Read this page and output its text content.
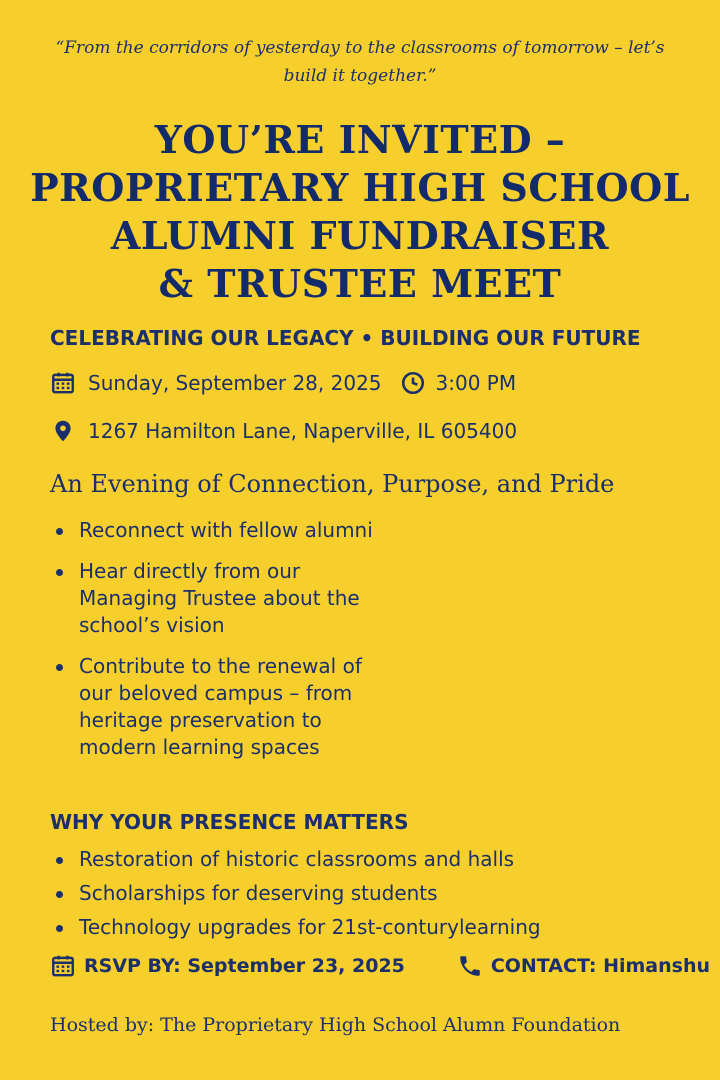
“From the corridors of yesterday to the classrooms of tomorrow – let’s build it together.”
YOU’RE INVITED –
PROPRIETARY HIGH SCHOOL
ALUMNI FUNDRAISER
& TRUSTEE MEET
CELEBRATING OUR LEGACY • BUILDING OUR FUTURE
Sunday, September 28, 2025	3:00 PM
1267 Hamilton Lane, Naperville, IL 605400
An Evening of Connection, Purpose, and Pride
Reconnect with fellow alumni
Hear directly from our Managing Trustee about the school’s vision
Contribute to the renewal of our beloved campus – from heritage preservation to modern learning spaces
WHY YOUR PRESENCE MATTERS
Restoration of historic classrooms and halls
Scholarships for deserving students
Technology upgrades for 21st-conturylearning
RSVP BY: September 23, 2025	CONTACT: Himanshu
Hosted by: The Proprietary High School Alumn Foundation
